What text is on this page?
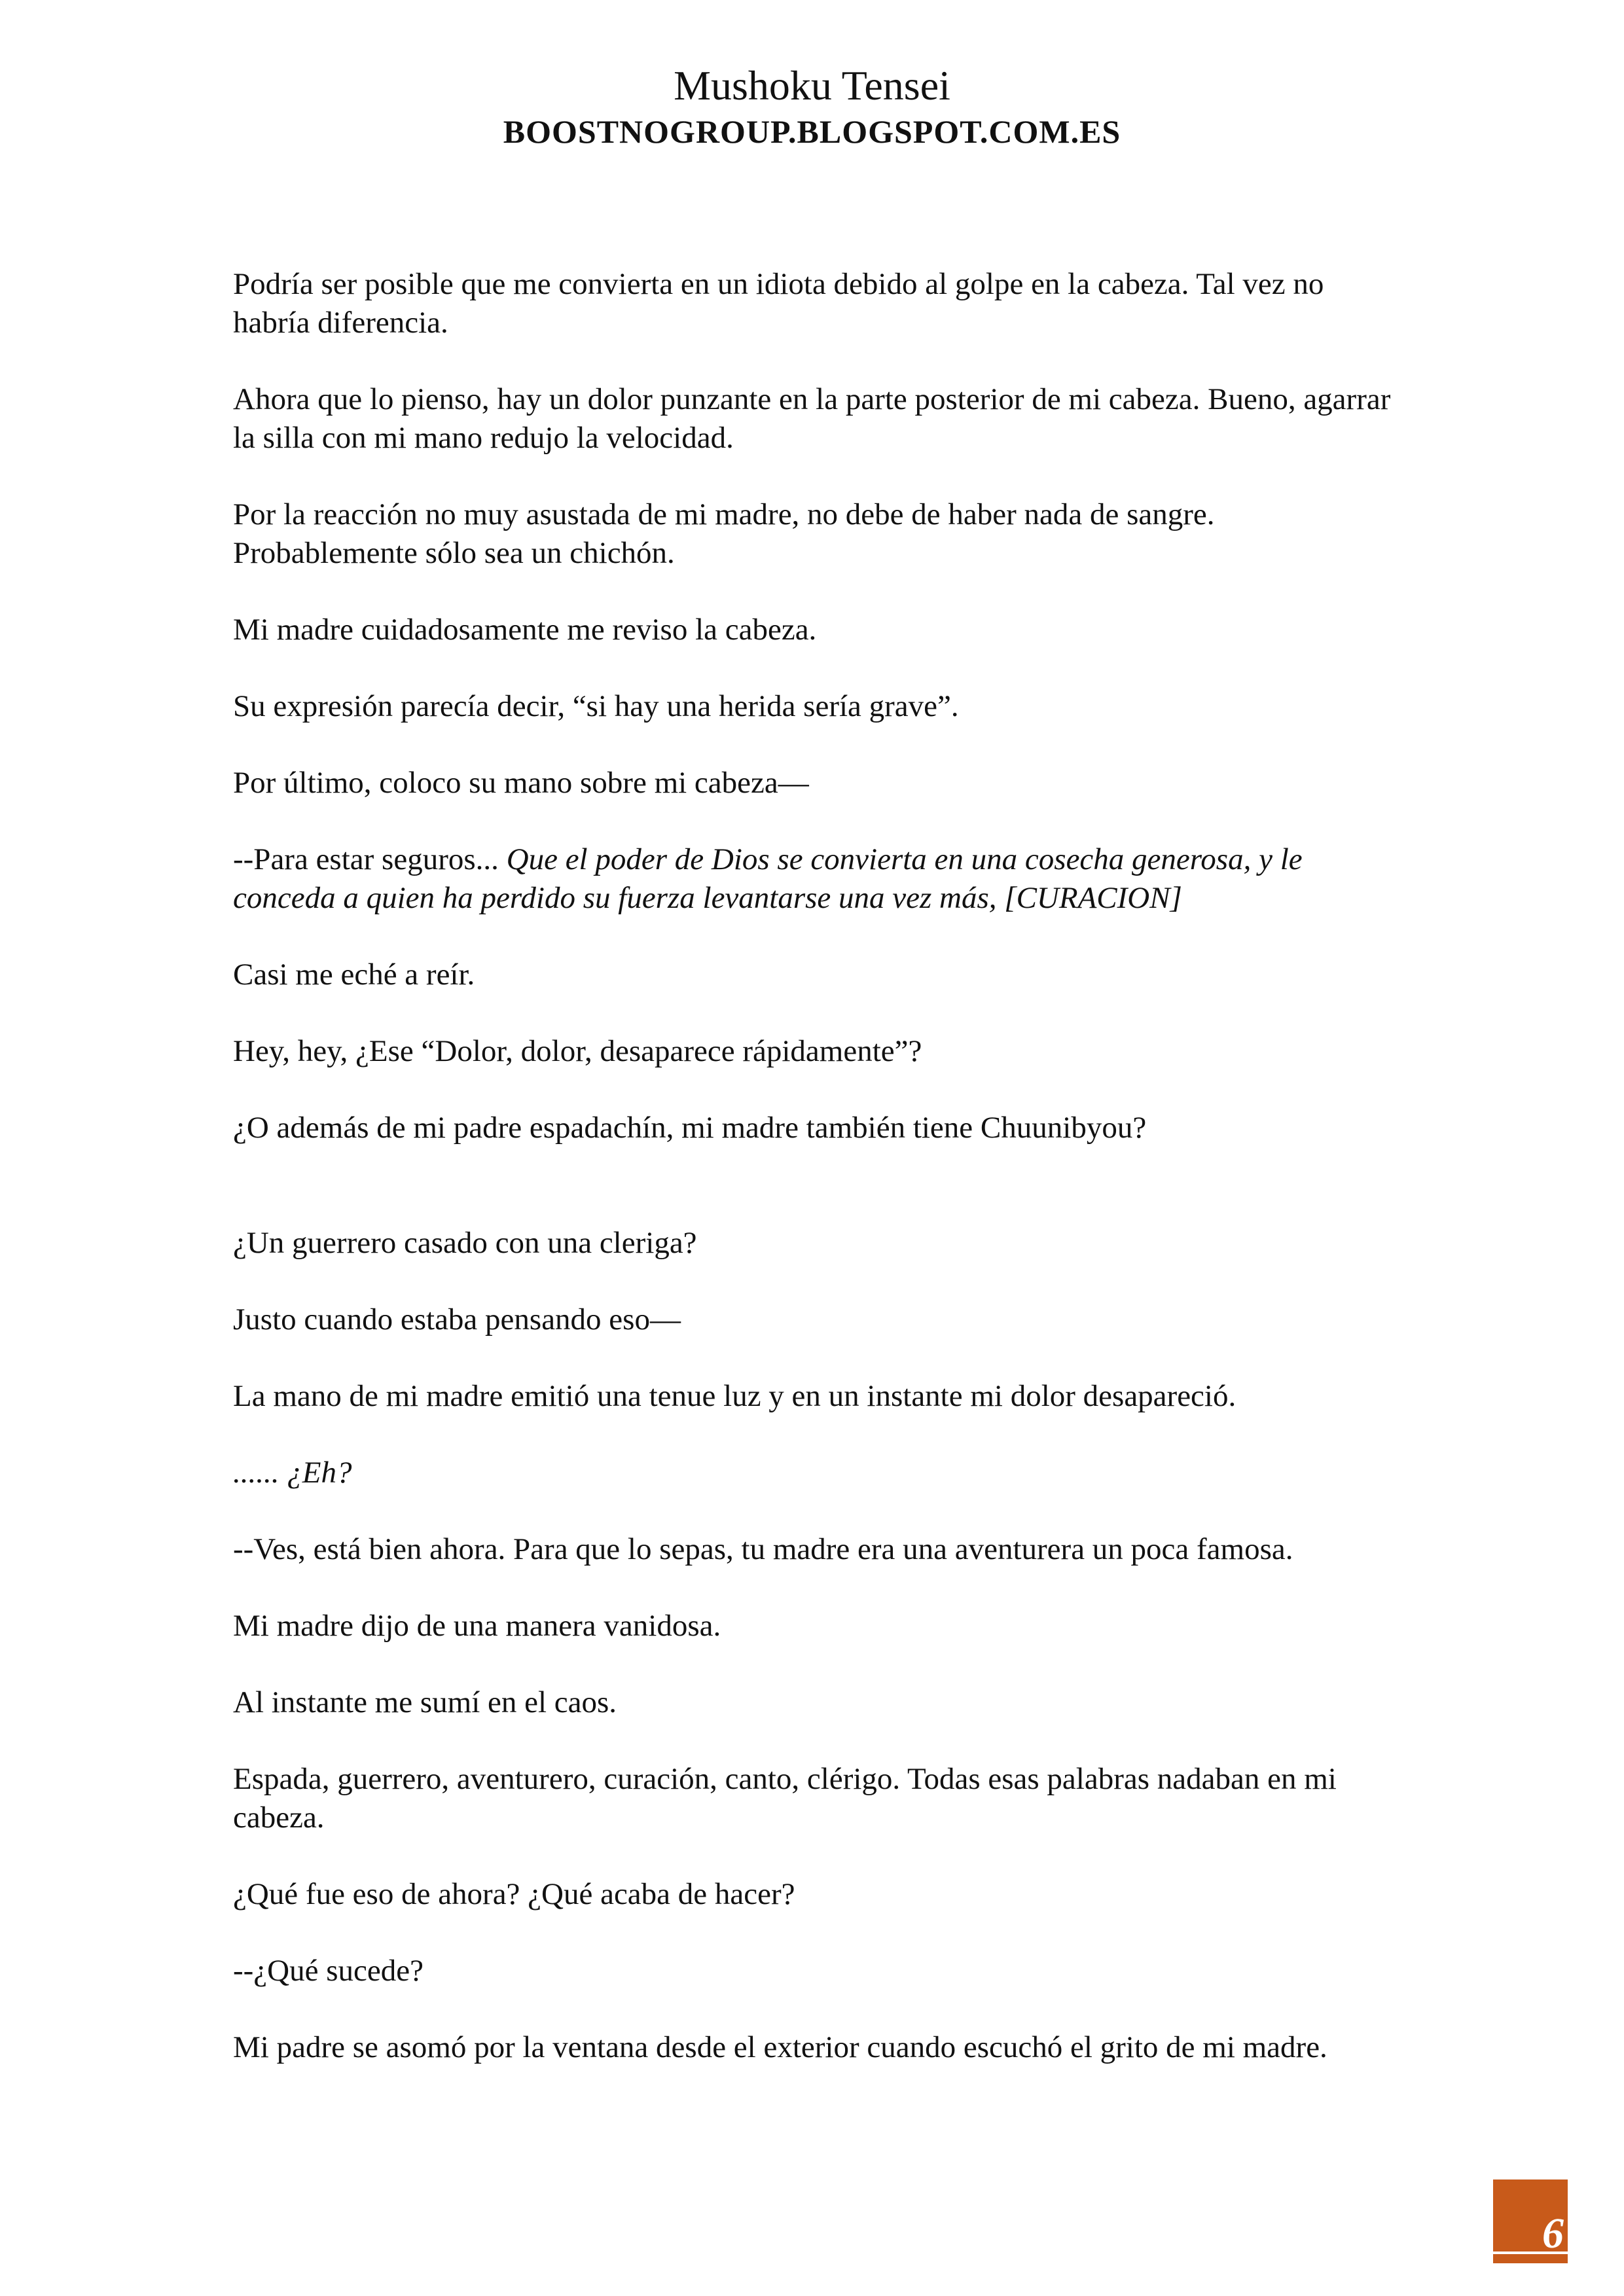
Mushoku Tensei
BOOSTNOGROUP.BLOGSPOT.COM.ES

Podría ser posible que me convierta en un idiota debido al golpe en la cabeza. Tal vez no habría diferencia.

Ahora que lo pienso, hay un dolor punzante en la parte posterior de mi cabeza. Bueno, agarrar la silla con mi mano redujo la velocidad.

Por la reacción no muy asustada de mi madre, no debe de haber nada de sangre. Probablemente sólo sea un chichón.

Mi madre cuidadosamente me reviso la cabeza.

Su expresión parecía decir, “si hay una herida sería grave”.

Por último, coloco su mano sobre mi cabeza—

--Para estar seguros... Que el poder de Dios se convierta en una cosecha generosa, y le conceda a quien ha perdido su fuerza levantarse una vez más, [CURACION]

Casi me eché a reír.

Hey, hey, ¿Ese “Dolor, dolor, desaparece rápidamente”?

¿O además de mi padre espadachín, mi madre también tiene Chuunibyou?

¿Un guerrero casado con una cleriga?

Justo cuando estaba pensando eso—

La mano de mi madre emitió una tenue luz y en un instante mi dolor desapareció.

...... ¿Eh?

--Ves, está bien ahora. Para que lo sepas, tu madre era una aventurera un poca famosa.

Mi madre dijo de una manera vanidosa.

Al instante me sumí en el caos.

Espada, guerrero, aventurero, curación, canto, clérigo. Todas esas palabras nadaban en mi cabeza.

¿Qué fue eso de ahora? ¿Qué acaba de hacer?

--¿Qué sucede?

Mi padre se asomó por la ventana desde el exterior cuando escuchó el grito de mi madre.

6
